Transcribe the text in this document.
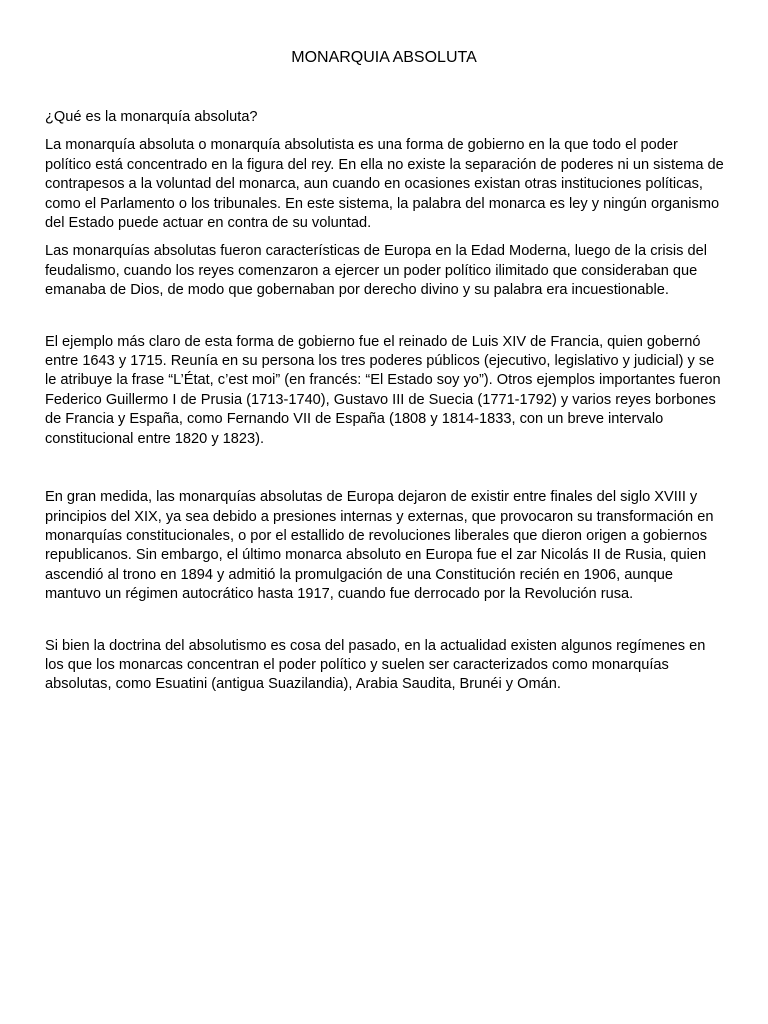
MONARQUIA ABSOLUTA

¿Qué es la monarquía absoluta?

La monarquía absoluta o monarquía absolutista es una forma de gobierno en la que todo el poder político está concentrado en la figura del rey. En ella no existe la separación de poderes ni un sistema de contrapesos a la voluntad del monarca, aun cuando en ocasiones existan otras instituciones políticas, como el Parlamento o los tribunales. En este sistema, la palabra del monarca es ley y ningún organismo del Estado puede actuar en contra de su voluntad.

Las monarquías absolutas fueron características de Europa en la Edad Moderna, luego de la crisis del feudalismo, cuando los reyes comenzaron a ejercer un poder político ilimitado que consideraban que emanaba de Dios, de modo que gobernaban por derecho divino y su palabra era incuestionable.

El ejemplo más claro de esta forma de gobierno fue el reinado de Luis XIV de Francia, quien gobernó entre 1643 y 1715. Reunía en su persona los tres poderes públicos (ejecutivo, legislativo y judicial) y se le atribuye la frase “L’État, c’est moi” (en francés: “El Estado soy yo”). Otros ejemplos importantes fueron Federico Guillermo I de Prusia (1713-1740), Gustavo III de Suecia (1771-1792) y varios reyes borbones de Francia y España, como Fernando VII de España (1808 y 1814-1833, con un breve intervalo constitucional entre 1820 y 1823).

En gran medida, las monarquías absolutas de Europa dejaron de existir entre finales del siglo XVIII y principios del XIX, ya sea debido a presiones internas y externas, que provocaron su transformación en monarquías constitucionales, o por el estallido de revoluciones liberales que dieron origen a gobiernos republicanos. Sin embargo, el último monarca absoluto en Europa fue el zar Nicolás II de Rusia, quien ascendió al trono en 1894 y admitió la promulgación de una Constitución recién en 1906, aunque mantuvo un régimen autocrático hasta 1917, cuando fue derrocado por la Revolución rusa.

Si bien la doctrina del absolutismo es cosa del pasado, en la actualidad existen algunos regímenes en los que los monarcas concentran el poder político y suelen ser caracterizados como monarquías absolutas, como Esuatini (antigua Suazilandia), Arabia Saudita, Brunéi y Omán.
